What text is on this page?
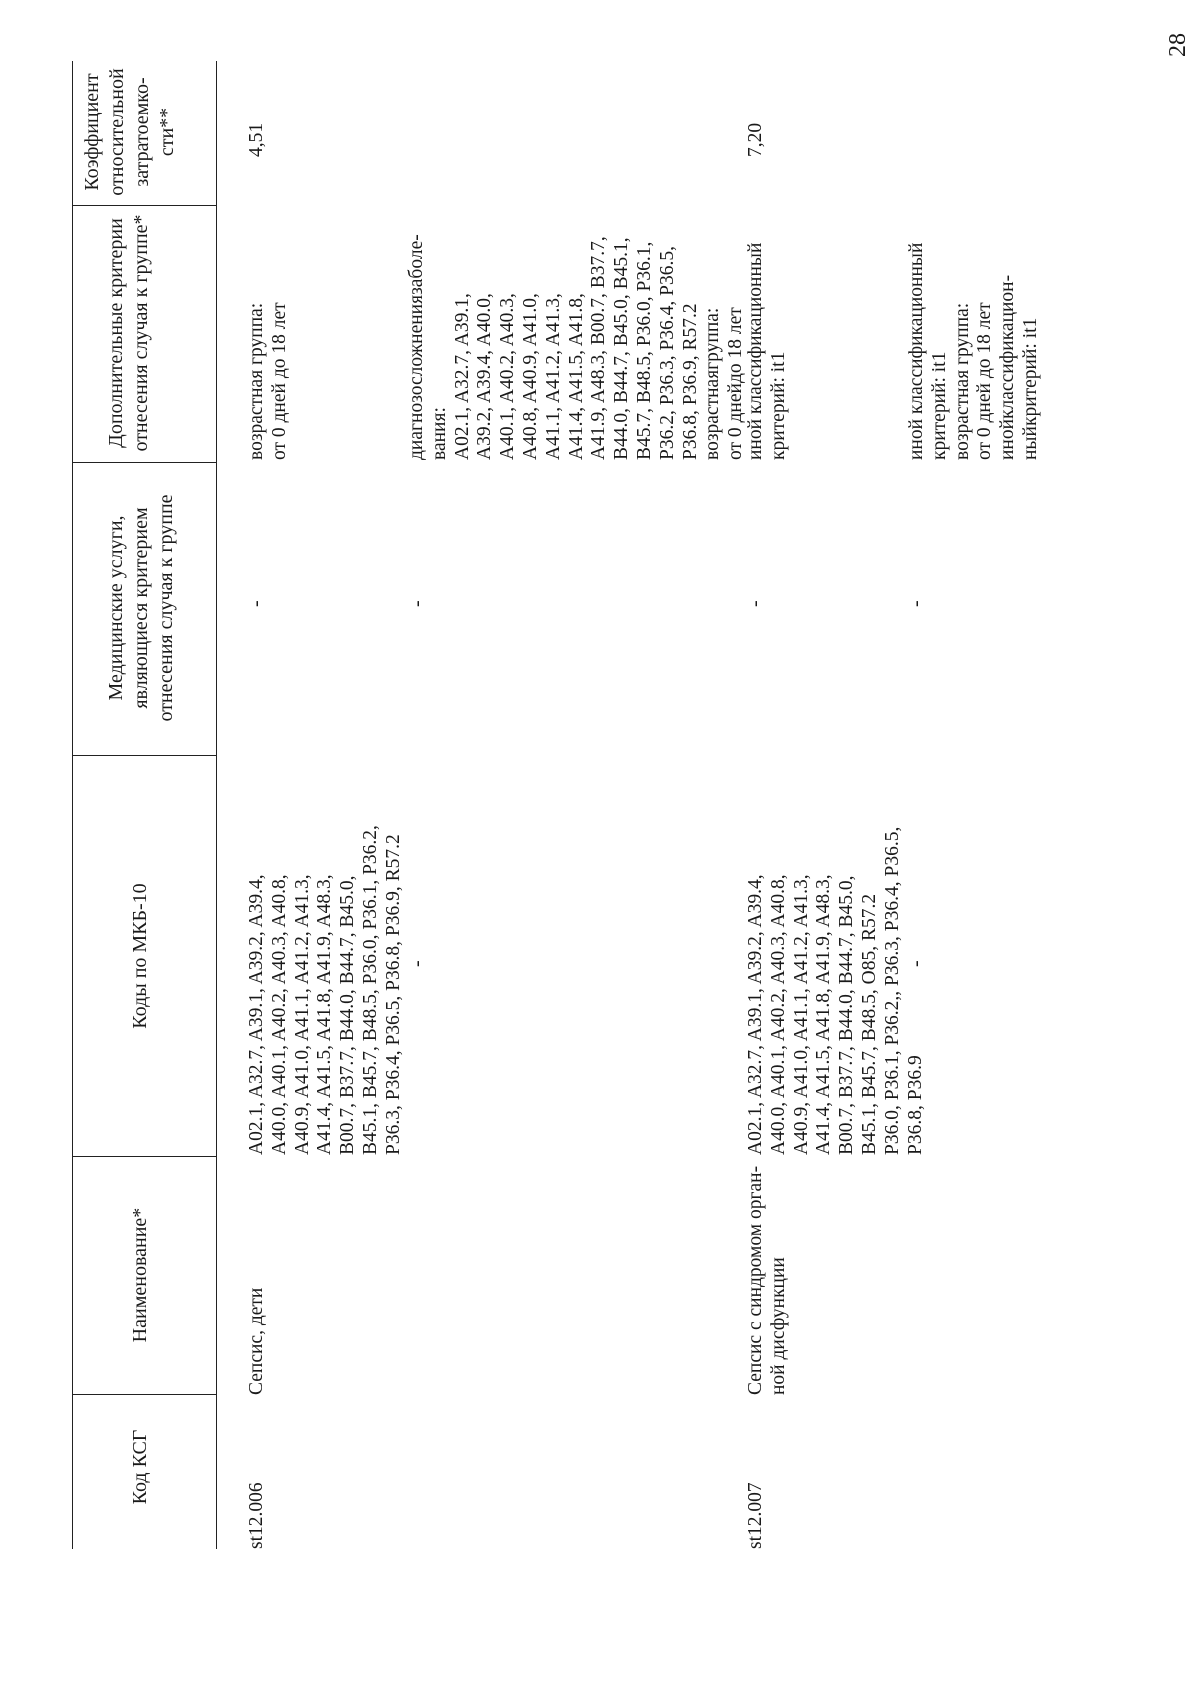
28
Код КСГ
Наименование*
Коды по МКБ-10
Медицинские услуги, являющиеся критерием отнесения случая к группе
Дополнительные критерии отнесения случая к группе*
Коэффициент относительной затратоемко-сти**
st12.006
Сепсис, дети
A02.1, A32.7, A39.1, A39.2, A39.4,
A40.0, A40.1, A40.2, A40.3, A40.8,
A40.9, A41.0, A41.1, A41.2, A41.3,
A41.4, A41.5, A41.8, A41.9, A48.3,
B00.7, B37.7, B44.0, B44.7, B45.0,
B45.1, B45.7, B48.5, P36.0, P36.1, P36.2,
P36.3, P36.4, P36.5, P36.8, P36.9, R57.2
-
возрастная группа:
от 0 дней до 18 лет
4,51
-
-
диагнозосложнениязаболе-
вания:
A02.1, A32.7, A39.1,
A39.2, A39.4, A40.0,
A40.1, A40.2, A40.3,
A40.8, A40.9, A41.0,
A41.1, A41.2, A41.3,
A41.4, A41.5, A41.8,
A41.9, A48.3, B00.7, B37.7,
B44.0, B44.7, B45.0, B45.1,
B45.7, B48.5, P36.0, P36.1,
P36.2, P36.3, P36.4, P36.5,
P36.8, P36.9, R57.2
возрастнаягруппа:
от 0 днейдо 18 лет
st12.007
Сепсис с синдромом орган-
ной дисфункции
A02.1, A32.7, A39.1, A39.2, A39.4,
A40.0, A40.1, A40.2, A40.3, A40.8,
A40.9, A41.0, A41.1, A41.2, A41.3,
A41.4, A41.5, A41.8, A41.9, A48.3,
B00.7, B37.7, B44.0, B44.7, B45.0,
B45.1, B45.7, B48.5, O85, R57.2
P36.0, P36.1, P36.2,, P36.3, P36.4, P36.5,
P36.8, P36.9
-
иной классификационный
критерий: it1
7,20
-
-
иной классификационный
критерий: it1
возрастная группа:
от 0 дней до 18 лет
инойклассификацион-
ныйкритерий: it1
